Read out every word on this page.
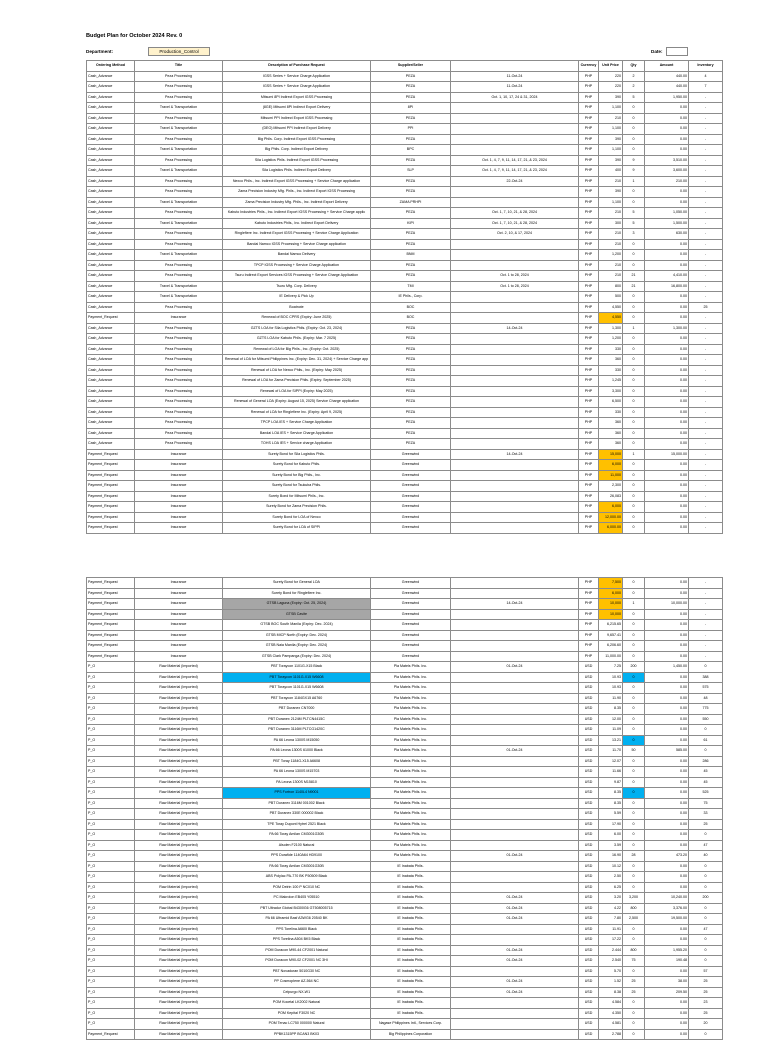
Budget Plan for October 2024 Rev. 0
Department:	Production_Control	Date:
Ordering Method	Title	Description of Purchase Request	Supplier/Seller		Currency	Unit Price	Qty	Amount	Inventory
Cash_Advance	Peza Processing	IGSS Series + Service Charge Application	PEZA	11-Oct-24	PHP	220	2	440.00	4
Cash_Advance	Peza Processing	IGSS Series + Service Charge Application	PEZA	11-Oct-24	PHP	220	2	440.00	7
Cash_Advance	Peza Processing	Mitsumi 8PI Indirect Export IGSS Processing	PEZA	Oct. 1, 10, 17, 24 & 31, 2024	PHP	390	5	1,950.00	-
Cash_Advance	Travel & Transportation	(8GE) Mitsumi 8PI Indirect Export Delivery	8PI		PHP	1,100	0	0.00	-
Cash_Advance	Peza Processing	Mitsumi PPI Indirect Export IGSS Processing	PEZA		PHP	210	0	0.00	-
Cash_Advance	Travel & Transportation	(DEO) Mitsumi PPI Indirect Export Delivery	PPI		PHP	1,100	0	0.00	-
Cash_Advance	Peza Processing	Big Phils. Corp. Indirect Export IGSS Processing	PEZA		PHP	390	0	0.00	-
Cash_Advance	Travel & Transportation	Big Phils. Corp. Indirect Export Delivery	BPC		PHP	1,100	0	0.00	-
Cash_Advance	Peza Processing	Sila Logistics Phils. Indirect Export IGSS Processing	PEZA	Oct. 1, 4, 7, 9, 11, 14, 17, 21, & 23, 2024	PHP	390	9	3,510.00	-
Cash_Advance	Travel & Transportation	Sila Logistics Phils. Indirect Export Delivery	SLP	Oct. 1, 4, 7, 9, 11, 14, 17, 21, & 23, 2024	PHP	400	9	3,600.00	-
Cash_Advance	Peza Processing	Nexco Phils., Inc. Indirect Export IGSS Processing + Service Charge application	PEZA	22-Oct-24	PHP	210	1	210.00	-
Cash_Advance	Peza Processing	Zama Precision Industry Mfg. Phils., Inc. Indirect Export IGSS Processing	PEZA		PHP	390	0	0.00	-
Cash_Advance	Travel & Transportation	Zama Precision Industry Mfg. Phils., Inc. Indirect Export Delivery	ZAMA PRHPI		PHP	1,100	0	0.00	-
Cash_Advance	Peza Processing	Kabuto Industries Phils., Inc. Indirect Export IGSS Processing + Service Charge applic	PEZA	Oct. 1, 7, 10, 21, & 28, 2024	PHP	210	5	1,050.00	-
Cash_Advance	Travel & Transportation	Kabuto Industries Phils., Inc. Indirect Export Delivery	KIPI	Oct. 1, 7, 10, 21, & 28, 2024	PHP	300	5	1,500.00	-
Cash_Advance	Peza Processing	Ringlefiere Inc. Indirect Export IGSS Processing + Service Charge Application	PEZA	Oct. 2, 10, & 17, 2024	PHP	210	3	630.00	-
Cash_Advance	Peza Processing	Bandai Namco IGSS Processing + Service Charge application	PEZA		PHP	210	0	0.00	-
Cash_Advance	Travel & Transportation	Bandai Namco Delivery	BNM		PHP	1,200	0	0.00	-
Cash_Advance	Peza Processing	TPCP IGSS Processing + Service Charge Application	PEZA		PHP	210	0	0.00	-
Cash_Advance	Peza Processing	Tsuru Indirect Export Services IGSS Processing + Service Charge Application	PEZA	Oct. 1 to 28, 2024	PHP	210	21	4,410.00	-
Cash_Advance	Travel & Transportation	Tsuru Mfg. Corp. Delivery	TMI	Oct. 1 to 28, 2024	PHP	800	21	16,800.00	-
Cash_Advance	Travel & Transportation	IE Delivery & Pick Up	IE Phils., Corp.		PHP	500	0	0.00	-
Cash_Advance	Peza Processing	Boatnote	BOC		PHP	4,550	0	0.00	25
Payment_Request	Insurance	Renewal of BOC CPRS (Expiry: June 2025)	BOC		PHP	4,550	0	0.00	-
Cash_Advance	Peza Processing	GZTS LOA for Sila Logistics Phils. (Expiry: Oct. 23, 2024)	PEZA	14-Oct-24	PHP	1,300	1	1,300.00	-
Cash_Advance	Peza Processing	GZTS LOA for Kabuto Phils. (Expiry: Mar. 7 2025)	PEZA		PHP	1,200	0	0.00	-
Cash_Advance	Peza Processing	Renewal of LOA for Big Phils., Inc. (Expiry: Oct. 2025)	PEZA		PHP	330	0	0.00	-
Cash_Advance	Peza Processing	Renewal of LOA for Mitsumi Philippines Inc. (Expiry: Dec. 31, 2024) + Service Charge app	PEZA		PHP	360	0	0.00	-
Cash_Advance	Peza Processing	Renewal of LOA for Nexco Phils., Inc. (Expiry: May 2025)	PEZA		PHP	330	0	0.00	-
Cash_Advance	Peza Processing	Renewal of LOA for Zama Precision Phils. (Expiry: September 2025)	PEZA		PHP	1,245	0	0.00	-
Cash_Advance	Peza Processing	Renewal of LOA for SIPPI (Expiry: May 2025)	PEZA		PHP	3,300	0	0.00	-
Cash_Advance	Peza Processing	Renewal of General LOA (Expiry: August 15, 2025) Service Charge application	PEZA		PHP	6,500	0	0.00	-
Cash_Advance	Peza Processing	Renewal of LOA for Ringlefiere Inc. (Expiry: April 9, 2025)	PEZA		PHP	330	0	0.00	-
Cash_Advance	Peza Processing	TPCP LOA IES + Service Charge Application	PEZA		PHP	360	0	0.00	-
Cash_Advance	Peza Processing	Bandai LOA IES + Service Charge Application	PEZA		PHP	360	0	0.00	-
Cash_Advance	Peza Processing	TOHS LOA IES + Service charge Application	PEZA		PHP	360	0	0.00	-
Payment_Request	Insurance	Surety Bond for Sila Logistics Phils.	Greenwind	14-Oct-24	PHP	15,000	1	15,000.00	-
Payment_Request	Insurance	Surety Bond for Kabuto Phils.	Greenwind		PHP	6,000	0	0.00	-
Payment_Request	Insurance	Surety Bond for Big Phils., Inc.	Greenwind		PHP	11,000	0	0.00	-
Payment_Request	Insurance	Surety Bond for Tsukuba Phils.	Greenwind		PHP	2,300	0	0.00	-
Payment_Request	Insurance	Surety Bond for Mitsumi Phils., Inc.	Greenwind		PHP	26,083	0	0.00	-
Payment_Request	Insurance	Surety Bond for Zama Precision Phils.	Greenwind		PHP	6,000	0	0.00	-
Payment_Request	Insurance	Surety Bond for LOA of Nexco	Greenwind		PHP	12,000.00	0	0.00	-
Payment_Request	Insurance	Surety Bond for LOA of SIPPI	Greenwind		PHP	6,000.00	0	0.00	-
Payment_Request	Insurance	Surety Bond for General LOA	Greenwind		PHP	7,500	0	0.00	-
Payment_Request	Insurance	Surety Bond for Ringlefiere Inc.	Greenwind		PHP	6,000	0	0.00	-
Payment_Request	Insurance	GTSB Laguna (Expiry: Oct. 25, 2024)	Greenwind	14-Oct-24	PHP	10,000	1	10,000.00	-
Payment_Request	Insurance	GTSB Cavite	Greenwind		PHP	10,000	0	0.00	-
Payment_Request	Insurance	GTSB BOC South Manila (Expiry: Dec. 2024)	Greenwind		PHP	6,215.65	0	0.00	-
Payment_Request	Insurance	GTSB MICP North (Expiry: Dec. 2024)	Greenwind		PHP	9,657.41	0	0.00	-
Payment_Request	Insurance	GTSB Naia Manila (Expiry: Dec. 2024)	Greenwind		PHP	6,206.60	0	0.00	-
Payment_Request	Insurance	GTSB Clark Pampanga (Expiry: Dec. 2024)	Greenwind		PHP	11,000.00	0	0.00	-
P_O	Raw Material (Imported)	PBT Toraycon 1101G-X15 Black	Pla Matels Phils. Inc.	01-Oct-24	USD	7.25	200	1,450.00	0
P_O	Raw Material (Imported)	PBT Toraycon 1101G-X15 W6608	Pla Matels Phils. Inc.		USD	10.93	0	0.00	388
P_O	Raw Material (Imported)	PBT Toraycon 1101G-X15 W6608	Pla Matels Phils. Inc.		USD	10.93	0	0.00	575
P_O	Raw Material (Imported)	PBT Toraycon 1184GX15 A6760	Pla Matels Phils. Inc.		USD	11.90	0	0.00	48
P_O	Raw Material (Imported)	PBT Duranex CN7000	Pla Matels Phils. Inc.		USD	8.35	0	0.00	775
P_O	Raw Material (Imported)	PBT Duranex 2124M PLTCN4415C	Pla Matels Phils. Inc.		USD	12.00	0	0.00	550
P_O	Raw Material (Imported)	PBT Duranex 3116M PLTCG1420C	Pla Matels Phils. Inc.		USD	11.09	0	0.00	0
P_O	Raw Material (Imported)	PA 66 Leona 1300S M15050	Pla Matels Phils. Inc.		USD	13.21	0	0.00	61
P_O	Raw Material (Imported)	PA 66 Leona 1300S 61000 Black	Pla Matels Phils. Inc.	01-Oct-24	USD	11.70	50	585.00	0
P_O	Raw Material (Imported)	PBT Toray 1184G-X15 A6608	Pla Matels Phils. Inc.		USD	12.07	0	0.00	286
P_O	Raw Material (Imported)	PA 66 Leona 1300S M15703	Pla Matels Phils. Inc.		USD	11.66	0	0.00	45
P_O	Raw Material (Imported)	PA Leona 1300S M15810	Pla Matels Phils. Inc.		USD	9.87	0	0.00	45
P_O	Raw Material (Imported)	PPS Fortron 1140L4 N9001	Pla Matels Phils. Inc.		USD	8.35	0	0.00	525
P_O	Raw Material (Imported)	PBT Duranex 3116M 001002 Black	Pla Matels Phils. Inc.		USD	8.35	0	0.00	75
P_O	Raw Material (Imported)	PBT Duranex 330E 000002 Black	Pla Matels Phils. Inc.		USD	5.59	0	0.00	33
P_O	Raw Material (Imported)	TPE Toray Dupont Hytrel 2521 Black	Pla Matels Phils. Inc.		USD	17.90	0	0.00	25
P_O	Raw Material (Imported)	PA 66 Toray Amilan CM3001G30B	Pla Matels Phils. Inc.		USD	6.00	0	0.00	0
P_O	Raw Material (Imported)	Alsolen F2100 Natural	Pla Matels Phils. Inc.		USD	3.59	0	0.00	47
P_O	Raw Material (Imported)	PPS Durafide 1140A64 HD9100	Pla Matels Phils. Inc.	01-Oct-24	USD	16.90	28	473.20	40
P_O	Raw Material (Imported)	PA 66 Toray Amilan CM3001G30B	IE Inabata Phils.		USD	10.12	0	0.00	0
P_O	Raw Material (Imported)	ABS Polylac PA-770 BK P50509 Black	IE Inabata Phils.		USD	2.50	0	0.00	0
P_O	Raw Material (Imported)	POM Delrin 100 P NC010 NC	IE Inabata Phils.		USD	6.25	0	0.00	0
P_O	Raw Material (Imported)	PC Makrolon EB405 Y05510	IE Inabata Phils.	01-Oct-24	USD	3.20	3,200	10,240.00	200
P_O	Raw Material (Imported)	PBT Ultradur Global B4300G6 GT508005715	IE Inabata Phils.	01-Oct-24	USD	4.22	800	3,376.00	0
P_O	Raw Material (Imported)	PA 66 Ultramid Basf A3WG6 20540 BK	IE Inabata Phils.	01-Oct-24	USD	7.80	2,500	19,500.00	0
P_O	Raw Material (Imported)	PPS Torelina A660I Black	IE Inabata Phils.		USD	11.91	0	0.00	47
P_O	Raw Material (Imported)	PPS Torelina A504 BK5 Black	IE Inabata Phils.		USD	17.22	0	0.00	0
P_O	Raw Material (Imported)	POM Duracon M90-44 CF2001 Natural	IE Inabata Phils.	01-Oct-24	USD	2.444	800	1,955.20	0
P_O	Raw Material (Imported)	POM Duracon M90-02 CF2001 NC 3HI	IE Inabata Phils.	01-Oct-24	USD	2.540	75	190.48	0
P_O	Raw Material (Imported)	PBT Novaduran 5010G30 NC	IE Inabata Phils.		USD	5.70	0	0.00	57
P_O	Raw Material (Imported)	PP Cosmoplene AZ-564 NC	IE Inabata Phils.	01-Oct-24	USD	1.52	25	38.00	25
P_O	Raw Material (Imported)	Celpurgo NX-W1	IE Inabata Phils.	01-Oct-24	USD	8.38	25	209.50	25
P_O	Raw Material (Imported)	POM Kocetal LK2002 Natural	IE Inabata Phils.		USD	4.584	0	0.00	23
P_O	Raw Material (Imported)	POM Kepital F3020 NC	IE Inabata Phils.		USD	4.350	0	0.00	25
P_O	Raw Material (Imported)	POM Tenac LC750 000000 Natural	Nagase Philippines Intl., Services Corp.		USD	4.581	0	0.00	20
Payment_Request	Raw Material (Imported)	PPBK1315PP BCAN3 BK03	Big Philippines Corporation		USD	2.788	0	0.00	0
